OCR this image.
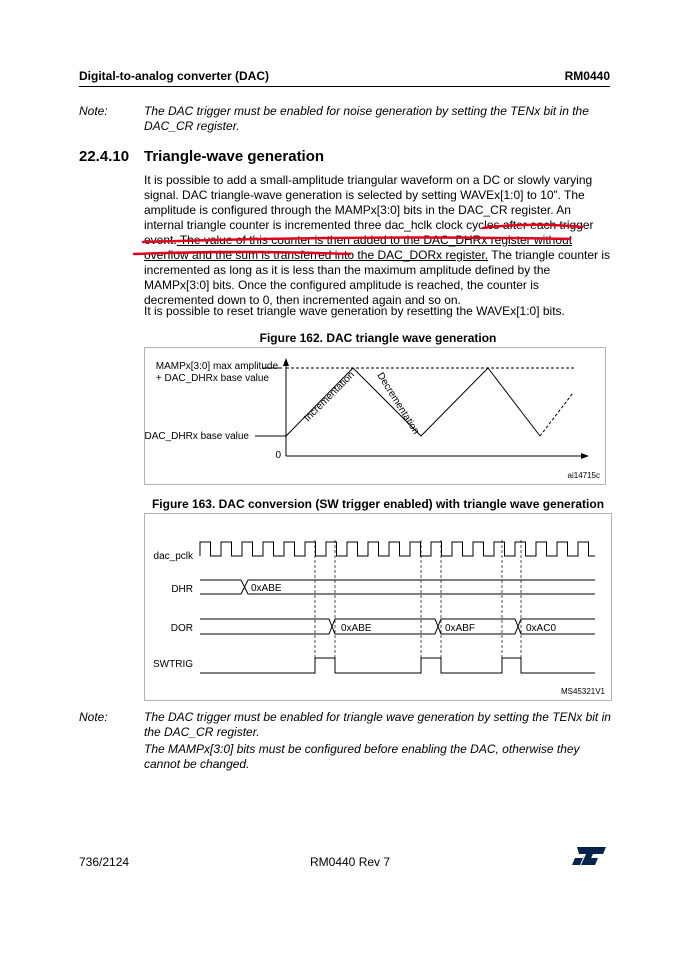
Digital-to-analog converter (DAC)	RM0440
Note:	The DAC trigger must be enabled for noise generation by setting the TENx bit in the DAC_CR register.
22.4.10 Triangle-wave generation
It is possible to add a small-amplitude triangular waveform on a DC or slowly varying signal. DAC triangle-wave generation is selected by setting WAVEx[1:0] to 10”. The amplitude is configured through the MAMPx[3:0] bits in the DAC_CR register. An internal triangle counter is incremented three dac_hclk clock cycles after each trigger event. The value of this counter is then added to the DAC_DHRx register without overflow and the sum is transferred into the DAC_DORx register. The triangle counter is incremented as long as it is less than the maximum amplitude defined by the MAMPx[3:0] bits. Once the configured amplitude is reached, the counter is decremented down to 0, then incremented again and so on.
It is possible to reset triangle wave generation by resetting the WAVEx[1:0] bits.
Figure 162. DAC triangle wave generation
MAMPx[3:0] max amplitude
+ DAC_DHRx base value
DAC_DHRx base value
0
Incrementation Decrementation
ai14715c
Figure 163. DAC conversion (SW trigger enabled) with triangle wave generation
dac_pclk
DHR
DOR
SWTRIG
0xABE
0xABE	0xABF	0xAC0
MS45321V1
Note:	The DAC trigger must be enabled for triangle wave generation by setting the TENx bit in the DAC_CR register.
The MAMPx[3:0] bits must be configured before enabling the DAC, otherwise they cannot be changed.
736/2124	RM0440 Rev 7
